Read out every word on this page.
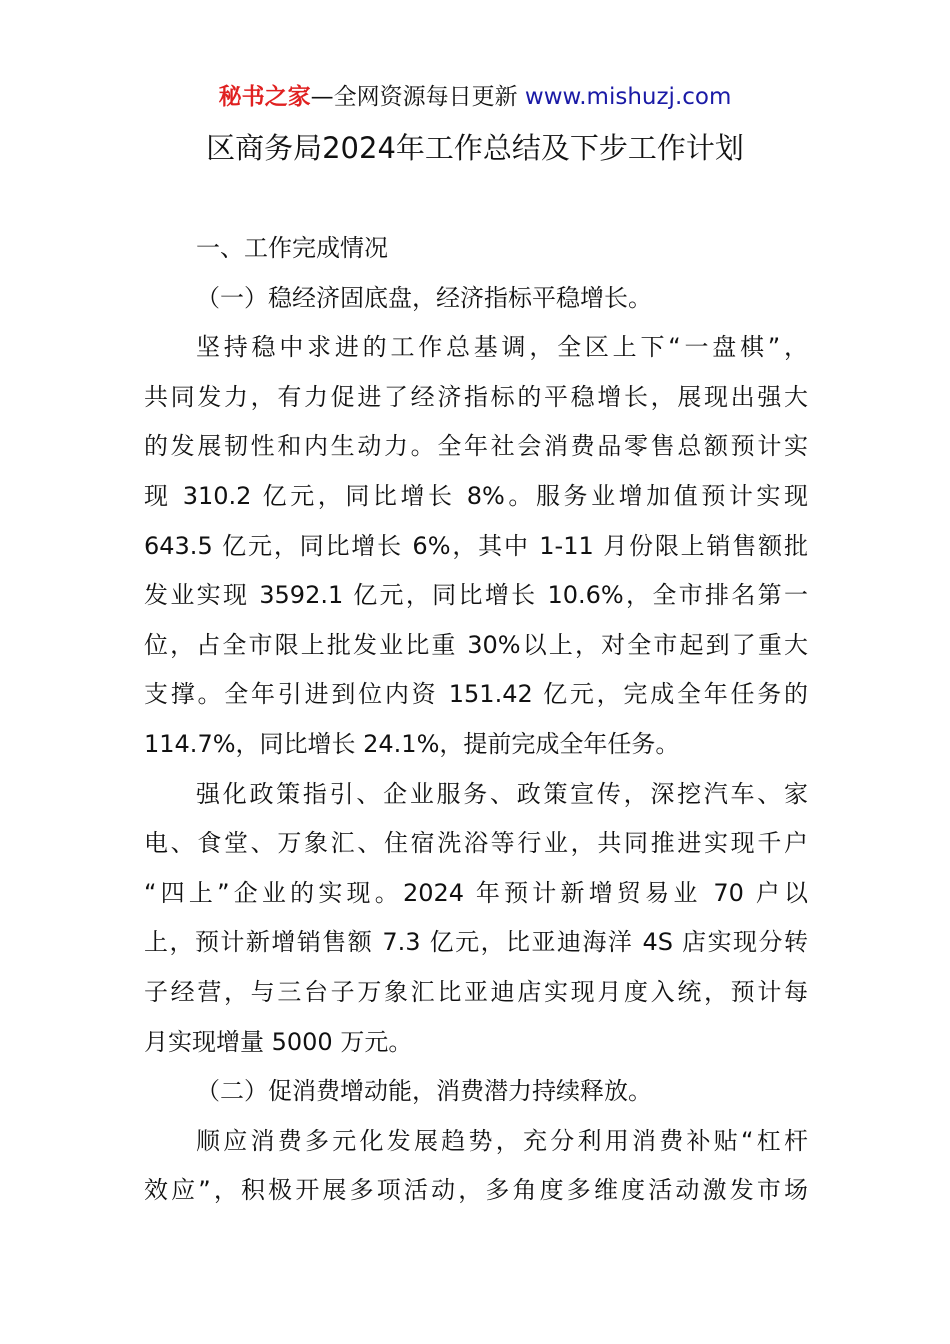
秘书之家—全网资源每日更新 www.mishuzj.com
区商务局2024年工作总结及下步工作计划
一、工作完成情况
（一）稳经济固底盘，经济指标平稳增长。
坚持稳中求进的工作总基调，全区上下“一盘棋”，
共同发力，有力促进了经济指标的平稳增长，展现出强大
的发展韧性和内生动力。全年社会消费品零售总额预计实
现 310.2 亿元，同比增长 8%。服务业增加值预计实现
643.5 亿元，同比增长 6%，其中 1-11 月份限上销售额批
发业实现 3592.1 亿元，同比增长 10.6%，全市排名第一
位，占全市限上批发业比重 30%以上，对全市起到了重大
支撑。全年引进到位内资 151.42 亿元，完成全年任务的
114.7%，同比增长 24.1%，提前完成全年任务。
强化政策指引、企业服务、政策宣传，深挖汽车、家
电、食堂、万象汇、住宿洗浴等行业，共同推进实现千户
“四上”企业的实现。2024 年预计新增贸易业 70 户以
上，预计新增销售额 7.3 亿元，比亚迪海洋 4S 店实现分转
子经营，与三台子万象汇比亚迪店实现月度入统，预计每
月实现增量 5000 万元。
（二）促消费增动能，消费潜力持续释放。
顺应消费多元化发展趋势，充分利用消费补贴“杠杆
效应”，积极开展多项活动，多角度多维度活动激发市场
